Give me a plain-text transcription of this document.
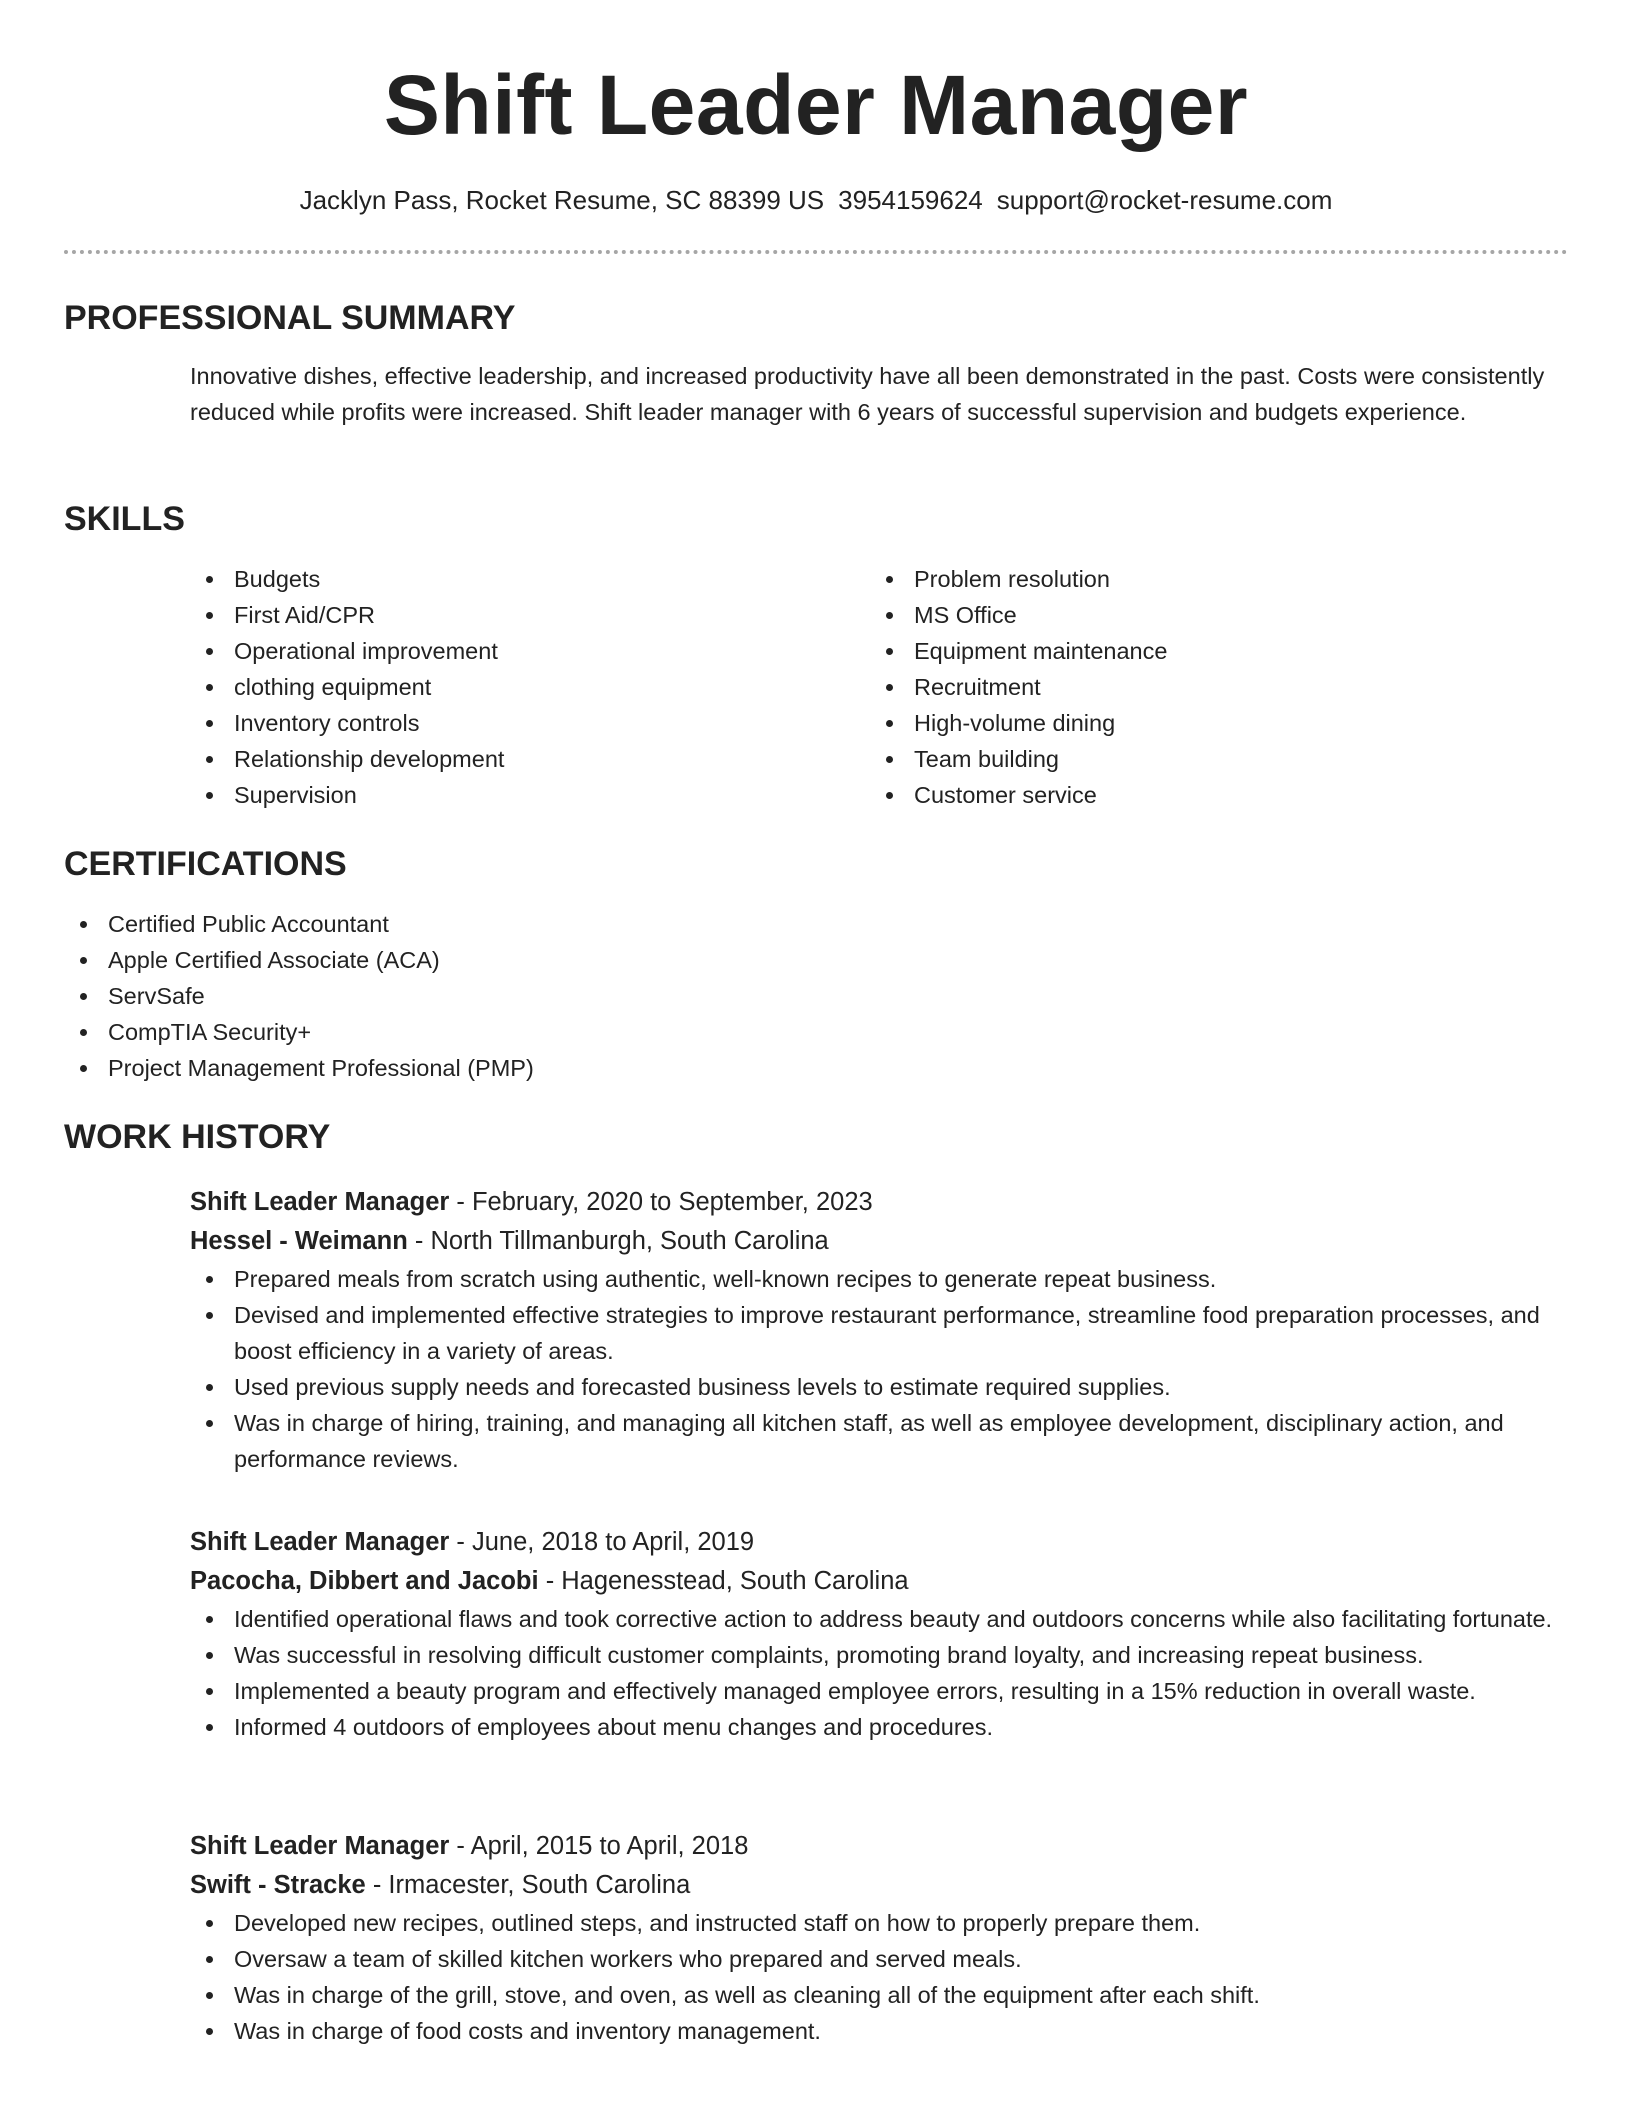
Shift Leader Manager
Jacklyn Pass, Rocket Resume, SC 88399 US 3954159624 support@rocket-resume.com
PROFESSIONAL SUMMARY

Innovative dishes, effective leadership, and increased productivity have all been demonstrated in the past. Costs were consistently reduced while profits were increased. Shift leader manager with 6 years of successful supervision and budgets experience.

SKILLS
Budgets
First Aid/CPR
Operational improvement
clothing equipment
Inventory controls
Relationship development
Supervision
Problem resolution
MS Office
Equipment maintenance
Recruitment
High-volume dining
Team building
Customer service
CERTIFICATIONS
Certified Public Accountant
Apple Certified Associate (ACA)
ServSafe
CompTIA Security+
Project Management Professional (PMP)
WORK HISTORY
Shift Leader Manager - February, 2020 to September, 2023
Hessel - Weimann - North Tillmanburgh, South Carolina
Prepared meals from scratch using authentic, well-known recipes to generate repeat business.
Devised and implemented effective strategies to improve restaurant performance, streamline food preparation processes, and boost efficiency in a variety of areas.
Used previous supply needs and forecasted business levels to estimate required supplies.
Was in charge of hiring, training, and managing all kitchen staff, as well as employee development, disciplinary action, and performance reviews.
Shift Leader Manager - June, 2018 to April, 2019
Pacocha, Dibbert and Jacobi - Hagenesstead, South Carolina
Identified operational flaws and took corrective action to address beauty and outdoors concerns while also facilitating fortunate.
Was successful in resolving difficult customer complaints, promoting brand loyalty, and increasing repeat business.
Implemented a beauty program and effectively managed employee errors, resulting in a 15% reduction in overall waste.
Informed 4 outdoors of employees about menu changes and procedures.
Shift Leader Manager - April, 2015 to April, 2018
Swift - Stracke - Irmacester, South Carolina
Developed new recipes, outlined steps, and instructed staff on how to properly prepare them.
Oversaw a team of skilled kitchen workers who prepared and served meals.
Was in charge of the grill, stove, and oven, as well as cleaning all of the equipment after each shift.
Was in charge of food costs and inventory management.
